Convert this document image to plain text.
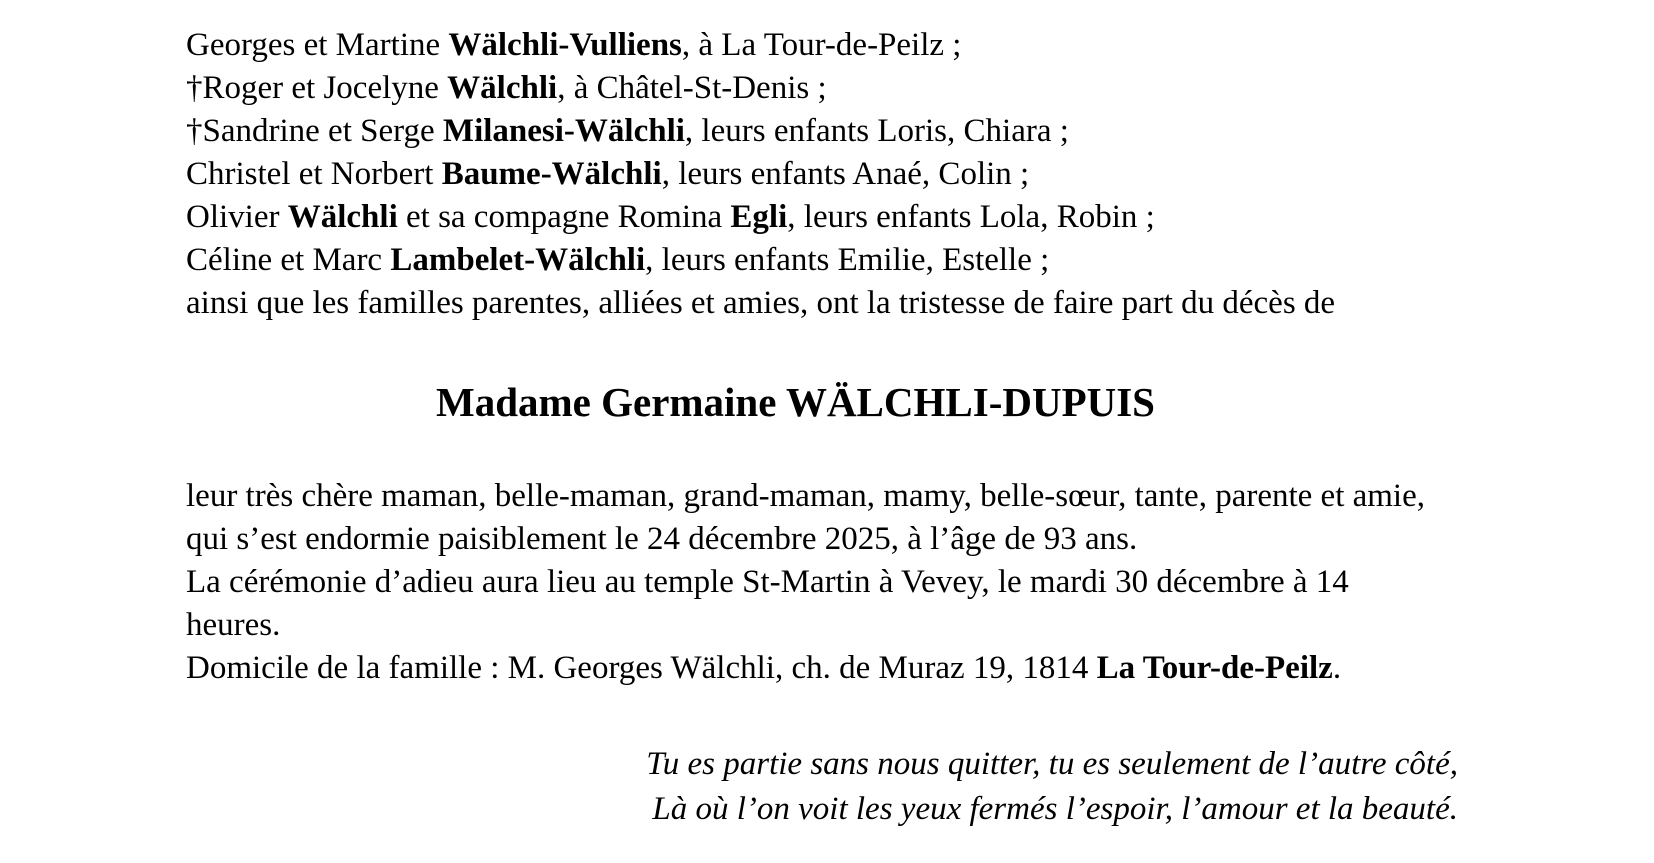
Georges et Martine Wälchli-Vulliens, à La Tour-de-Peilz ;
†Roger et Jocelyne Wälchli, à Châtel-St-Denis ;
†Sandrine et Serge Milanesi-Wälchli, leurs enfants Loris, Chiara ;
Christel et Norbert Baume-Wälchli, leurs enfants Anaé, Colin ;
Olivier Wälchli et sa compagne Romina Egli, leurs enfants Lola, Robin ;
Céline et Marc Lambelet-Wälchli, leurs enfants Emilie, Estelle ;
ainsi que les familles parentes, alliées et amies, ont la tristesse de faire part du décès de
Madame Germaine WÄLCHLI-DUPUIS
leur très chère maman, belle-maman, grand-maman, mamy, belle-sœur, tante, parente et amie,
qui s’est endormie paisiblement le 24 décembre 2025, à l’âge de 93 ans.
La cérémonie d’adieu aura lieu au temple St-Martin à Vevey, le mardi 30 décembre à 14
heures.
Domicile de la famille : M. Georges Wälchli, ch. de Muraz 19, 1814 La Tour-de-Peilz.
Tu es partie sans nous quitter, tu es seulement de l’autre côté,
Là où l’on voit les yeux fermés l’espoir, l’amour et la beauté.
